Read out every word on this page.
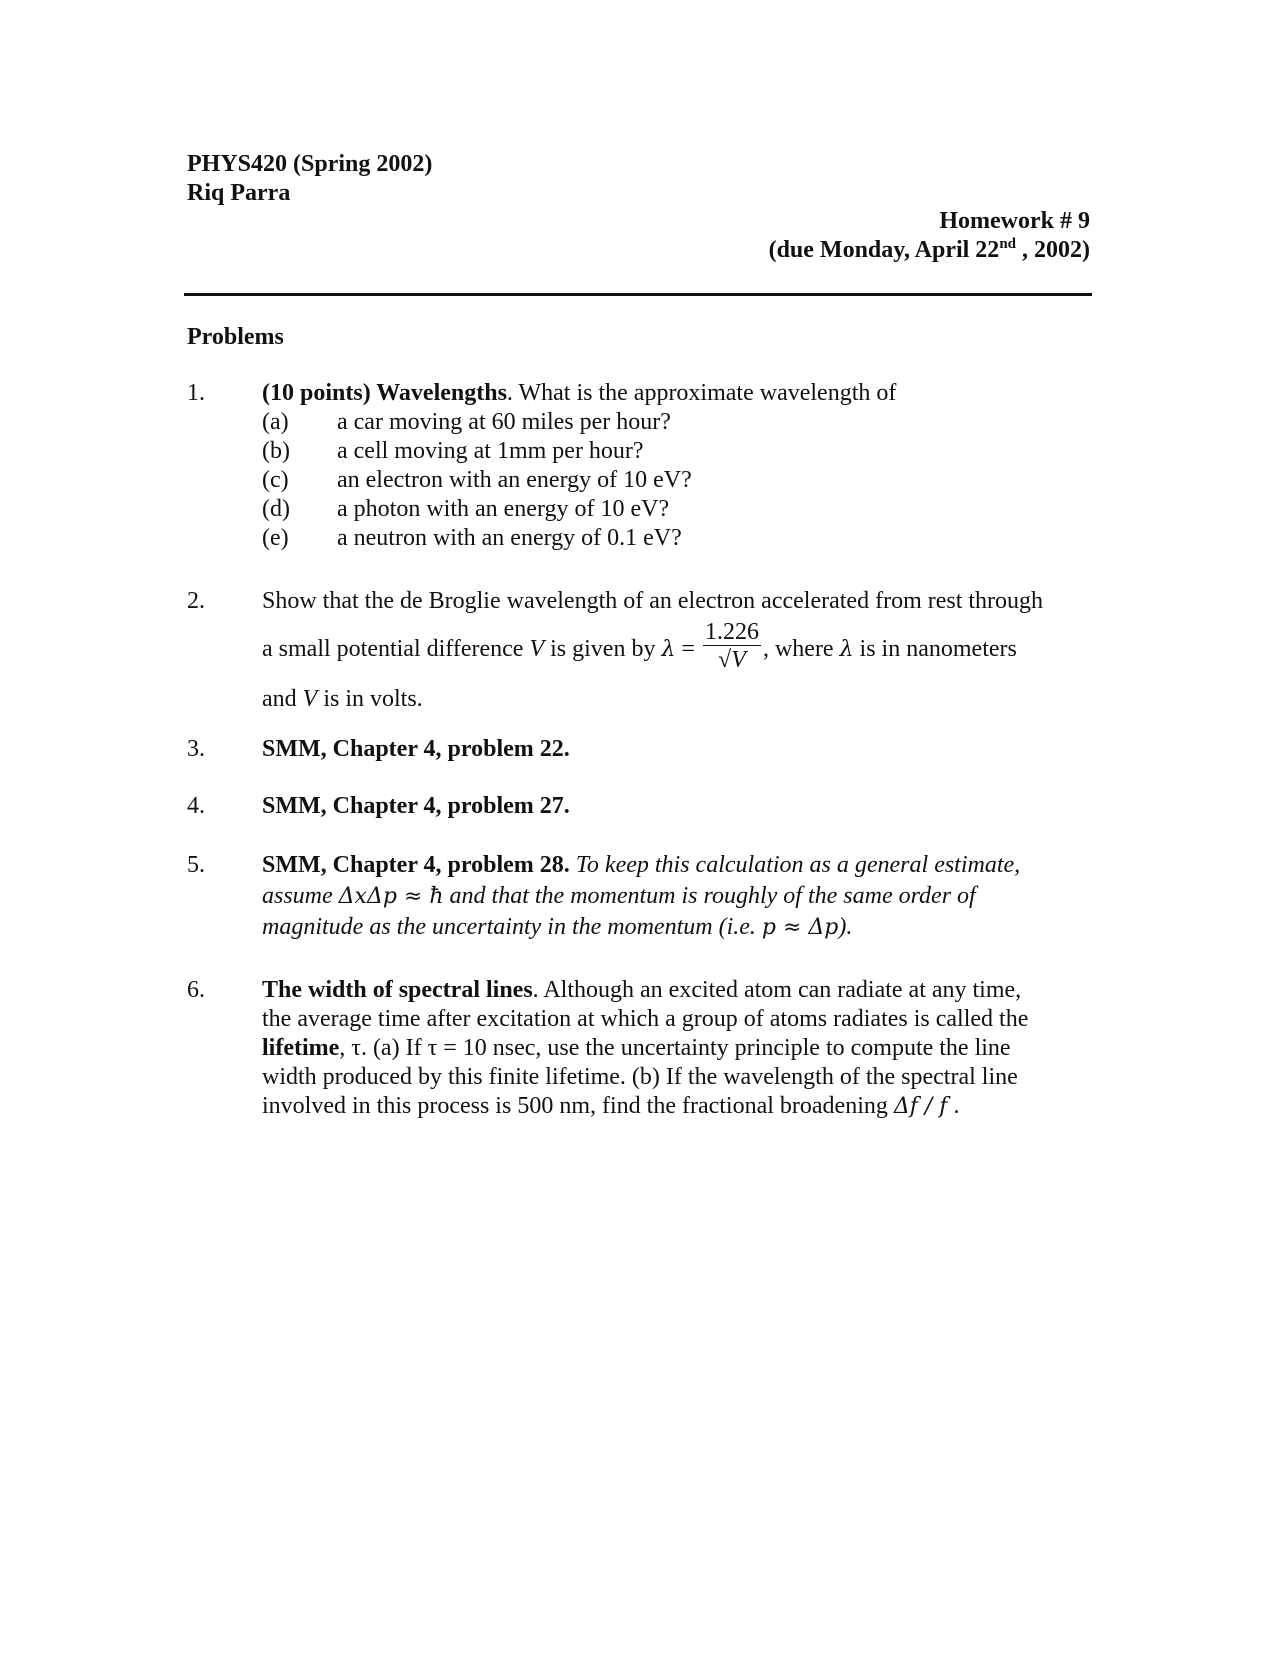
PHYS420 (Spring 2002)
Riq Parra
Homework # 9
(due Monday, April 22nd , 2002)
Problems
1.	(10 points) Wavelengths. What is the approximate wavelength of
(a)	a car moving at 60 miles per hour?
(b)	a cell moving at 1mm per hour?
(c)	an electron with an energy of 10 eV?
(d)	a photon with an energy of 10 eV?
(e)	a neutron with an energy of 0.1 eV?
2.	Show that the de Broglie wavelength of an electron accelerated from rest through
a small potential difference V is given by $\lambda = \frac{1.226}{√V}$ , where λ is in nanometers
and V is in volts.
3.	SMM, Chapter 4, problem 22.
4.	SMM, Chapter 4, problem 27.
5.	SMM, Chapter 4, problem 28. To keep this calculation as a general estimate,
assume ΔxΔp ≈ ħ and that the momentum is roughly of the same order of
magnitude as the uncertainty in the momentum (i.e. p ≈ Δp).
6.	The width of spectral lines. Although an excited atom can radiate at any time,
the average time after excitation at which a group of atoms radiates is called the
lifetime, τ. (a) If τ = 10 nsec, use the uncertainty principle to compute the line
width produced by this finite lifetime. (b) If the wavelength of the spectral line
involved in this process is 500 nm, find the fractional broadening Δf / f .
